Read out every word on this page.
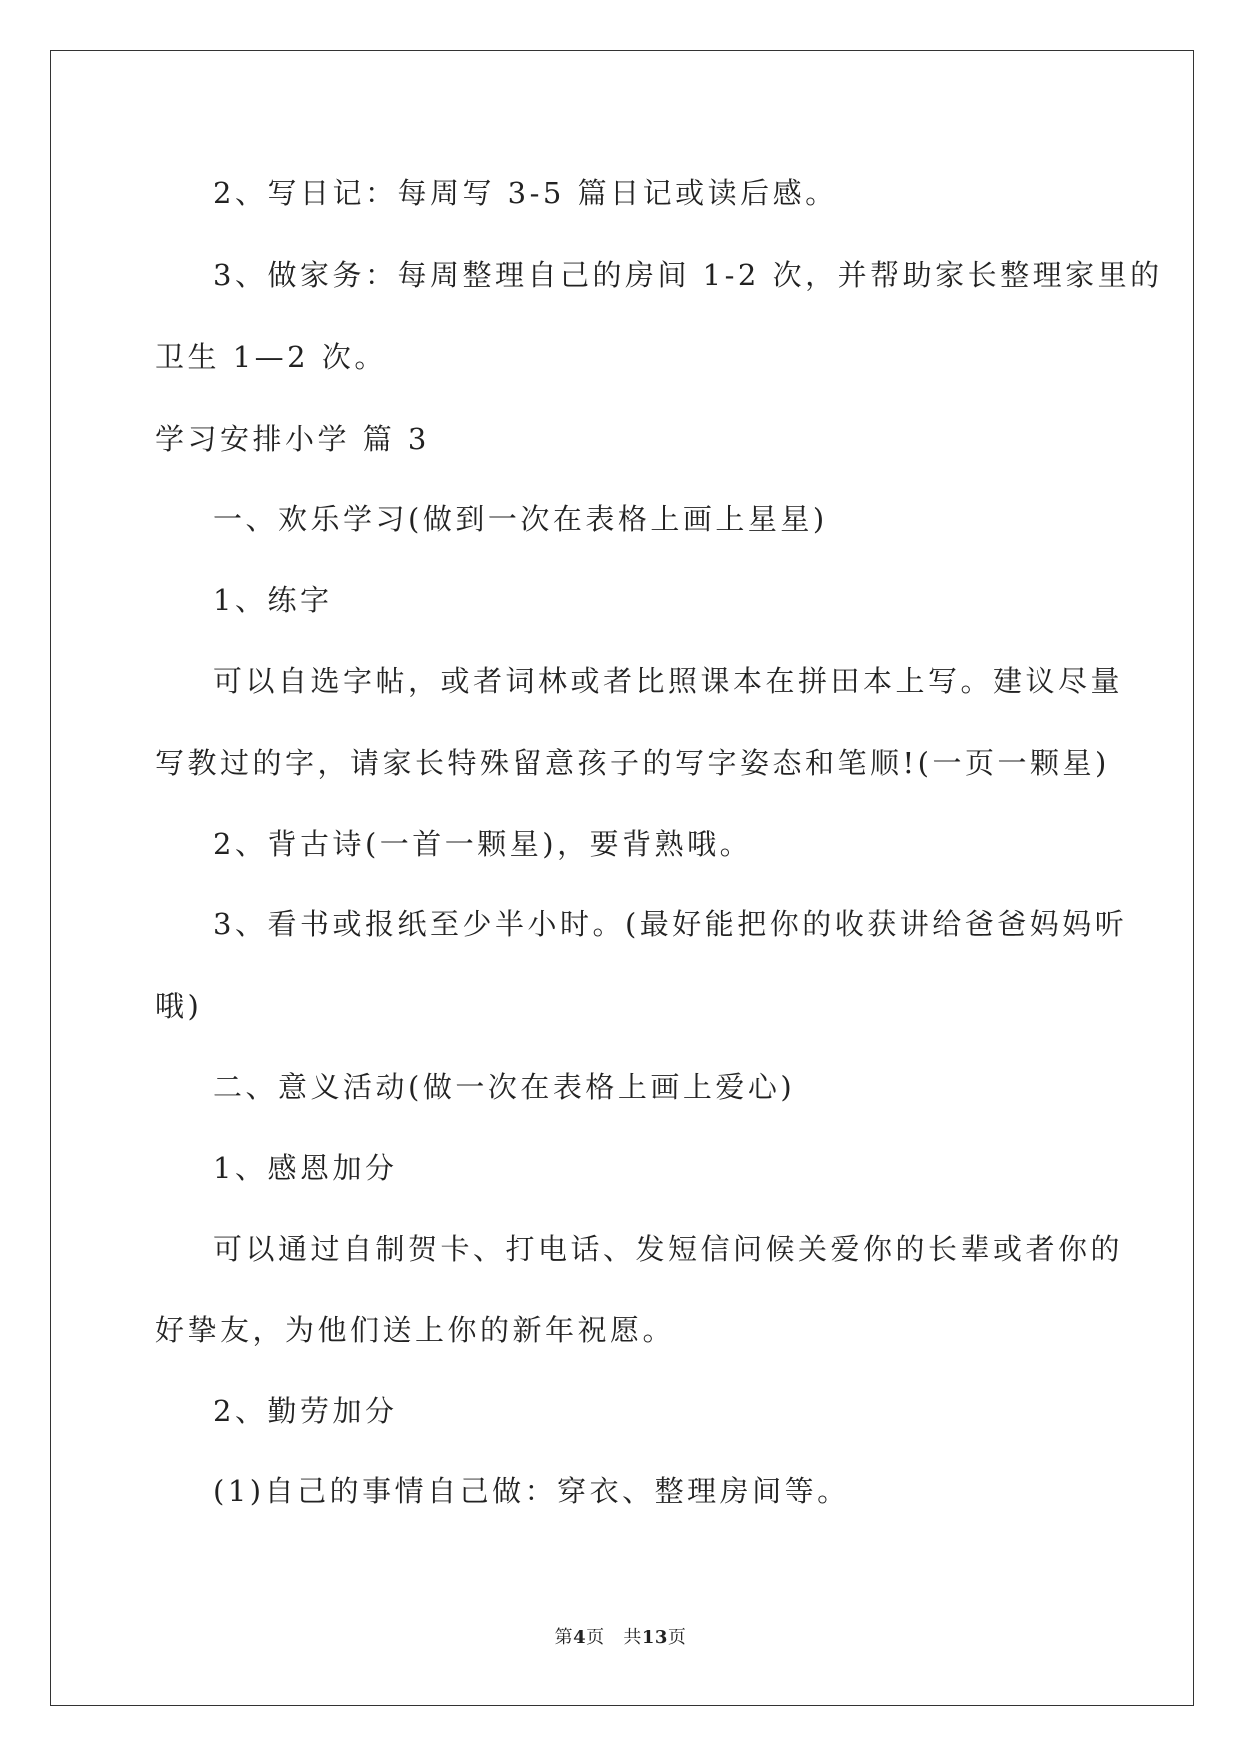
2、写日记：每周写 3-5 篇日记或读后感。
3、做家务：每周整理自己的房间 1-2 次，并帮助家长整理家里的
卫生 1—2 次。
学习安排小学 篇 3
一、欢乐学习(做到一次在表格上画上星星)
1、练字
可以自选字帖，或者词林或者比照课本在拼田本上写。建议尽量
写教过的字，请家长特殊留意孩子的写字姿态和笔顺!(一页一颗星)
2、背古诗(一首一颗星)，要背熟哦。
3、看书或报纸至少半小时。(最好能把你的收获讲给爸爸妈妈听
哦)
二、意义活动(做一次在表格上画上爱心)
1、感恩加分
可以通过自制贺卡、打电话、发短信问候关爱你的长辈或者你的
好挚友，为他们送上你的新年祝愿。
2、勤劳加分
(1)自己的事情自己做：穿衣、整理房间等。
第4页 共13页
